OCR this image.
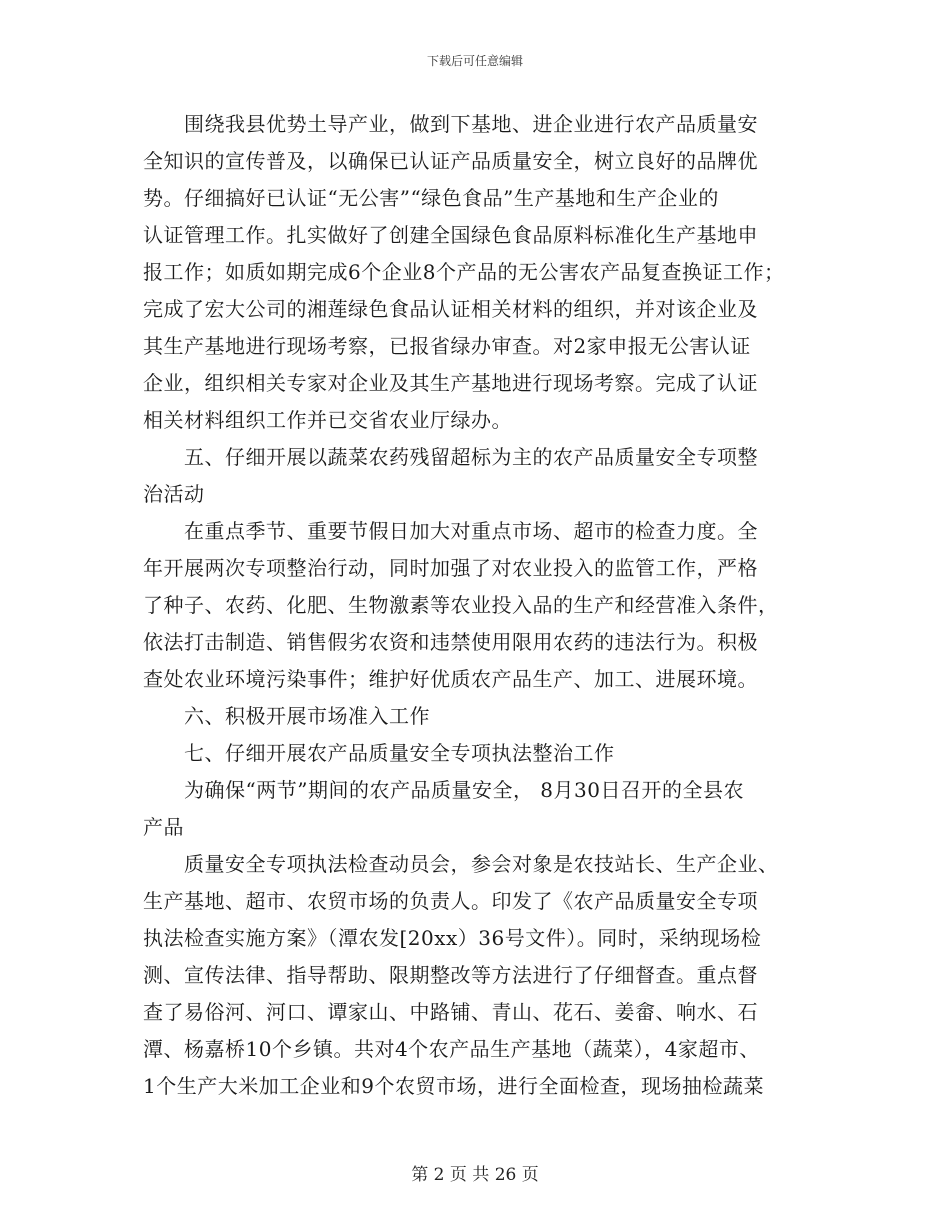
下载后可任意编辑
　　围绕我县优势土导产业，做到下基地、进企业进行农产品质量安
全知识的宣传普及，以确保已认证产品质量安全，树立良好的品牌优
势。仔细搞好已认证“无公害”“绿色食品”生产基地和生产企业的
认证管理工作。扎实做好了创建全国绿色食品原料标准化生产基地申
报工作；如质如期完成6个企业8个产品的无公害农产品复查换证工作；
完成了宏大公司的湘莲绿色食品认证相关材料的组织，并对该企业及
其生产基地进行现场考察，已报省绿办审查。对2家申报无公害认证
企业，组织相关专家对企业及其生产基地进行现场考察。完成了认证
相关材料组织工作并已交省农业厅绿办。
　　五、仔细开展以蔬菜农药残留超标为主的农产品质量安全专项整
治活动
　　在重点季节、重要节假日加大对重点市场、超市的检查力度。全
年开展两次专项整治行动，同时加强了对农业投入的监管工作，严格
了种子、农药、化肥、生物激素等农业投入品的生产和经营准入条件，
依法打击制造、销售假劣农资和违禁使用限用农药的违法行为。积极
查处农业环境污染事件；维护好优质农产品生产、加工、进展环境。
　　六、积极开展市场准入工作
　　七、仔细开展农产品质量安全专项执法整治工作
　　为确保“两节”期间的农产品质量安全， 8月30日召开的全县农
产品
　　质量安全专项执法检查动员会，参会对象是农技站长、生产企业、
生产基地、超市、农贸市场的负责人。印发了《农产品质量安全专项
执法检查实施方案》（潭农发[20xx）36号文件）。同时，采纳现场检
测、宣传法律、指导帮助、限期整改等方法进行了仔细督查。重点督
查了易俗河、河口、谭家山、中路铺、青山、花石、姜畲、响水、石
潭、杨嘉桥10个乡镇。共对4个农产品生产基地（蔬菜），4家超市、
1个生产大米加工企业和9个农贸市场，进行全面检查，现场抽检蔬菜
第 2 页 共 26 页
